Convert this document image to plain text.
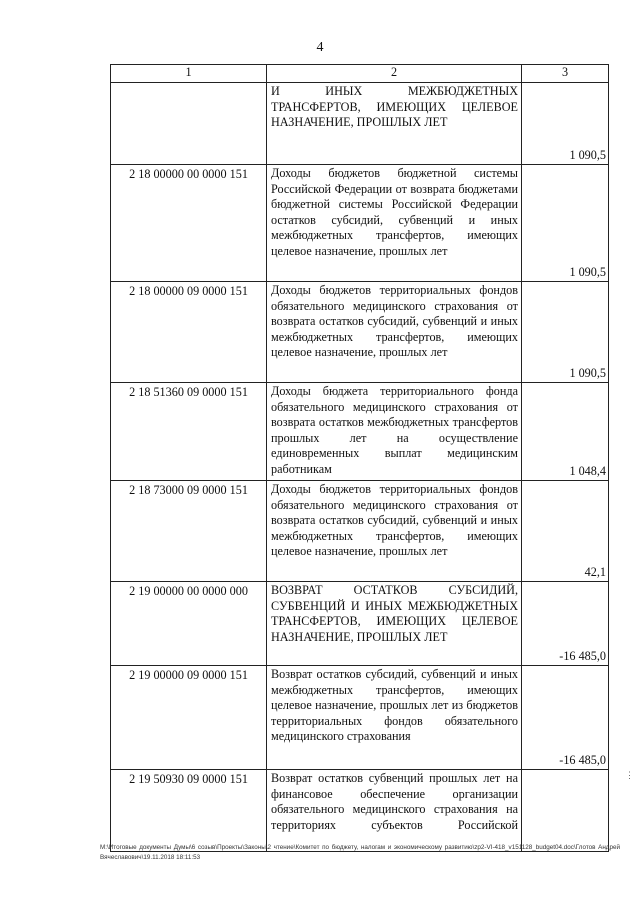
4
1	2	3
	И ИНЫХ МЕЖБЮДЖЕТНЫХ ТРАНСФЕРТОВ, ИМЕЮЩИХ ЦЕЛЕВОЕ НАЗНАЧЕНИЕ, ПРОШЛЫХ ЛЕТ	1 090,5
2 18 00000 00 0000 151	Доходы бюджетов бюджетной системы Российской Федерации от возврата бюджетами бюджетной системы Российской Федерации остатков субсидий, субвенций и иных межбюджетных трансфертов, имеющих целевое назначение, прошлых лет	1 090,5
2 18 00000 09 0000 151	Доходы бюджетов территориальных фондов обязательного медицинского страхования от возврата остатков субсидий, субвенций и иных межбюджетных трансфертов, имеющих целевое назначение, прошлых лет	1 090,5
2 18 51360 09 0000 151	Доходы бюджета территориального фонда обязательного медицинского страхования от возврата остатков межбюджетных трансфертов прошлых лет на осуществление единовременных выплат медицинским работникам	1 048,4
2 18 73000 09 0000 151	Доходы бюджетов территориальных фондов обязательного медицинского страхования от возврата остатков субсидий, субвенций и иных межбюджетных трансфертов, имеющих целевое назначение, прошлых лет	42,1
2 19 00000 00 0000 000	ВОЗВРАТ ОСТАТКОВ СУБСИДИЙ, СУБВЕНЦИЙ И ИНЫХ МЕЖБЮДЖЕТНЫХ ТРАНСФЕРТОВ, ИМЕЮЩИХ ЦЕЛЕВОЕ НАЗНАЧЕНИЕ, ПРОШЛЫХ ЛЕТ	-16 485,0
2 19 00000 09 0000 151	Возврат остатков субсидий, субвенций и иных межбюджетных трансфертов, имеющих целевое назначение, прошлых лет из бюджетов территориальных фондов обязательного медицинского страхования	-16 485,0
2 19 50930 09 0000 151	Возврат остатков субвенций прошлых лет на финансовое обеспечение организации обязательного медицинского страхования на территориях субъектов Российской	
M:\Итоговые документы Думы\6 созыв\Проекты\Законы\2 чтение\Комитет по бюджету, налогам и экономическому развитию\zp2-VI-418_v151128_budget04.doc\Глотов Андрей Вячеславович\19.11.2018 18:11:53
⋮
